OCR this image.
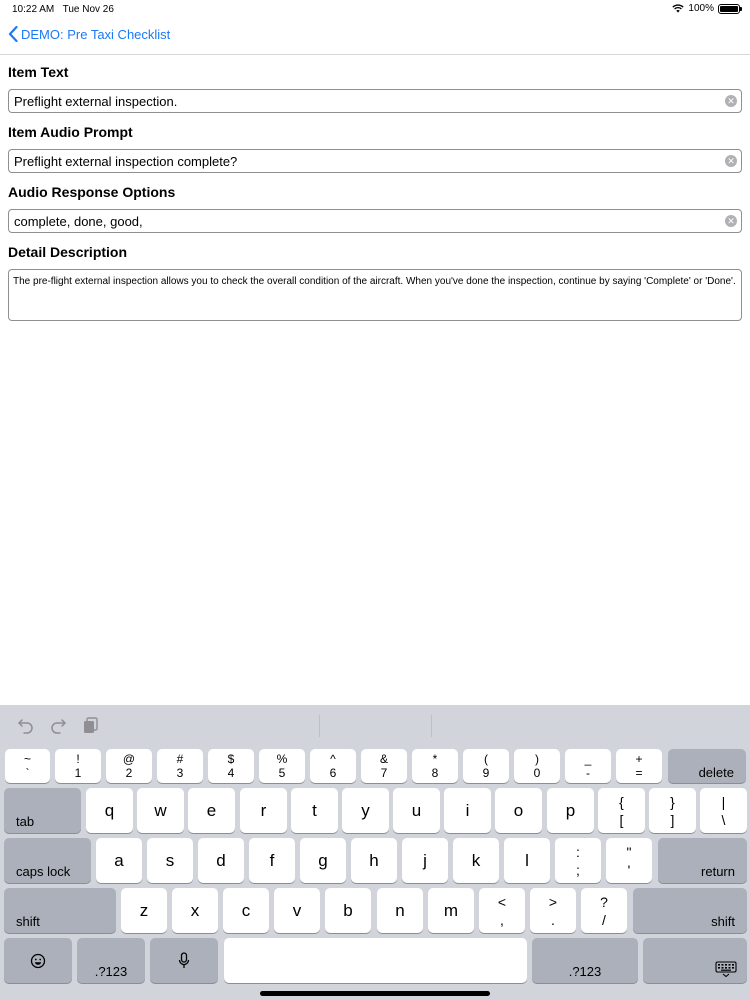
10:22 AM Tue Nov 26	100%
DEMO: Pre Taxi Checklist
Item Text
Preflight external inspection.	✕
Item Audio Prompt
Preflight external inspection complete?	✕
Audio Response Options
complete, done, good,	✕
Detail Description
The pre-flight external inspection allows you to check the overall condition of the aircraft. When you've done the inspection, continue by saying 'Complete' or 'Done'.
~
`
!
1
@
2
#
3
$
4
%
5
^
6
&
7
*
8
(
9
)
0
_
-
+
=	delete
tab
q	w	e	r	t	y	u	i	o	p	{
[
}
]
|
\
caps lock
a	s	d	f	g	h	j	k	l	:
;
"
'	return
shift
z	x	c	v	b	n	m	<
,
>
.
?
/	shift
.?123	.?123
